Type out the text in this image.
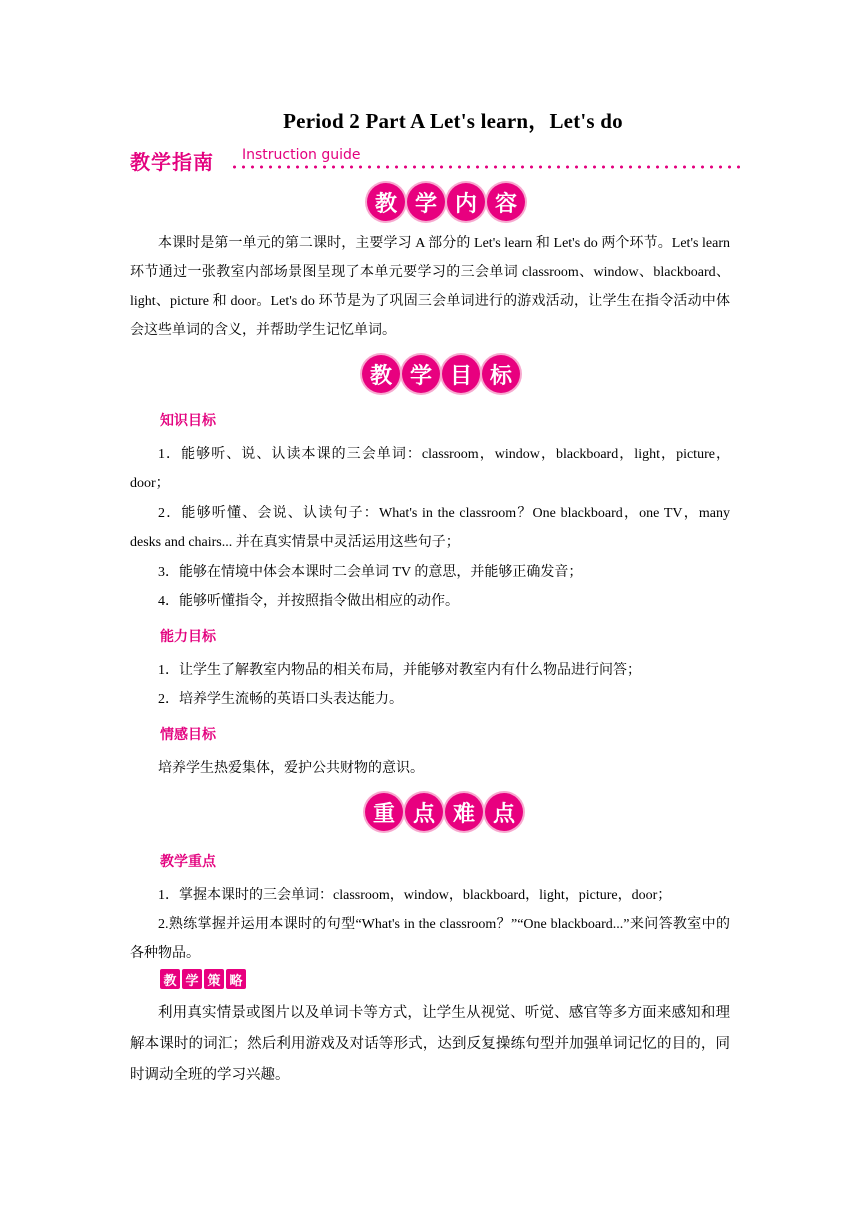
Period 2 Part A Let's learn，Let's do
教学指南 Instruction guide
教 学 内 容
本课时是第一单元的第二课时，主要学习 A 部分的 Let's learn 和 Let's do 两个环节。Let's learn 环节通过一张教室内部场景图呈现了本单元要学习的三会单词 classroom、window、blackboard、light、picture 和 door。Let's do 环节是为了巩固三会单词进行的游戏活动，让学生在指令活动中体会这些单词的含义，并帮助学生记忆单词。
教 学 目 标
知识目标
1．能够听、说、认读本课的三会单词：classroom，window，blackboard，light，picture，door；
2．能够听懂、会说、认读句子：What's in the classroom？One blackboard，one TV，many desks and chairs... 并在真实情景中灵活运用这些句子；
3．能够在情境中体会本课时二会单词 TV 的意思，并能够正确发音；
4．能够听懂指令，并按照指令做出相应的动作。
能力目标
1．让学生了解教室内物品的相关布局，并能够对教室内有什么物品进行问答；
2．培养学生流畅的英语口头表达能力。
情感目标
培养学生热爱集体，爱护公共财物的意识。
重 点 难 点
教学重点
1．掌握本课时的三会单词：classroom，window，blackboard，light，picture，door；
2.熟练掌握并运用本课时的句型“What's in the classroom？”“One blackboard...”来问答教室中的各种物品。
教 学 策 略
利用真实情景或图片以及单词卡等方式，让学生从视觉、听觉、感官等多方面来感知和理解本课时的词汇；然后利用游戏及对话等形式，达到反复操练句型并加强单词记忆的目的，同时调动全班的学习兴趣。
